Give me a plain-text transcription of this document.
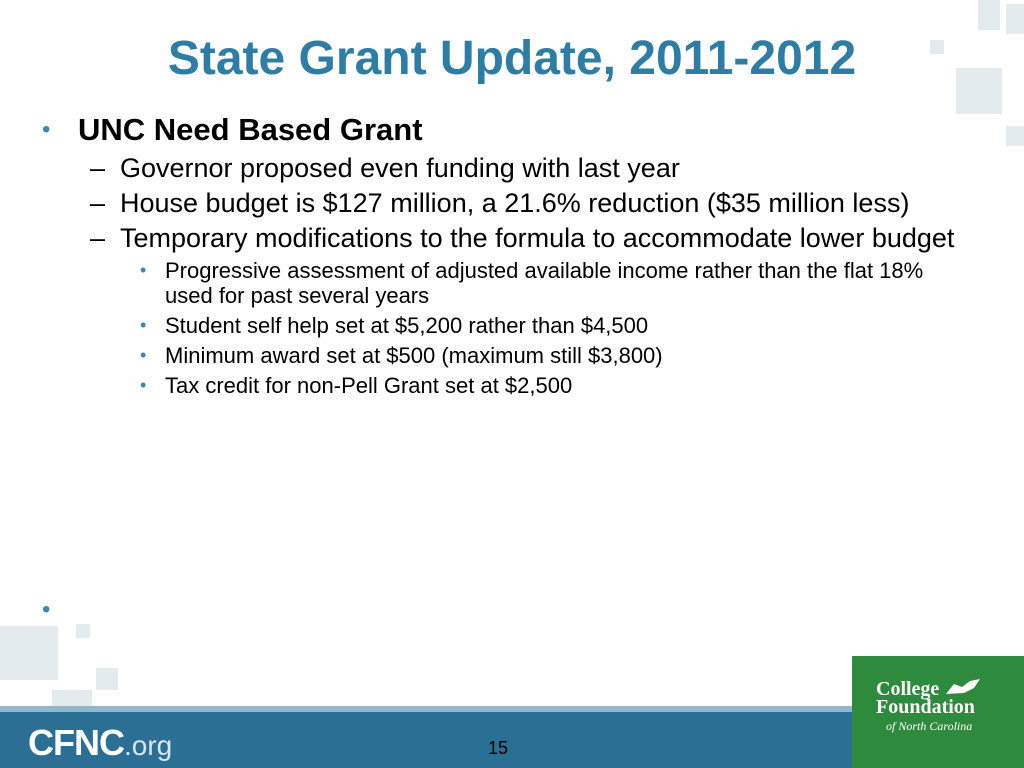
State Grant Update, 2011-2012
• UNC Need Based Grant
– Governor proposed even funding with last year
– House budget is $127 million, a 21.6% reduction ($35 million less)
– Temporary modifications to the formula to accommodate lower budget
• Progressive assessment of adjusted available income rather than the flat 18% used for past several years
• Student self help set at $5,200 rather than $4,500
• Minimum award set at $500 (maximum still $3,800)
• Tax credit for non-Pell Grant set at $2,500
•
CFNC.org	15
College
Foundation
of North Carolina
